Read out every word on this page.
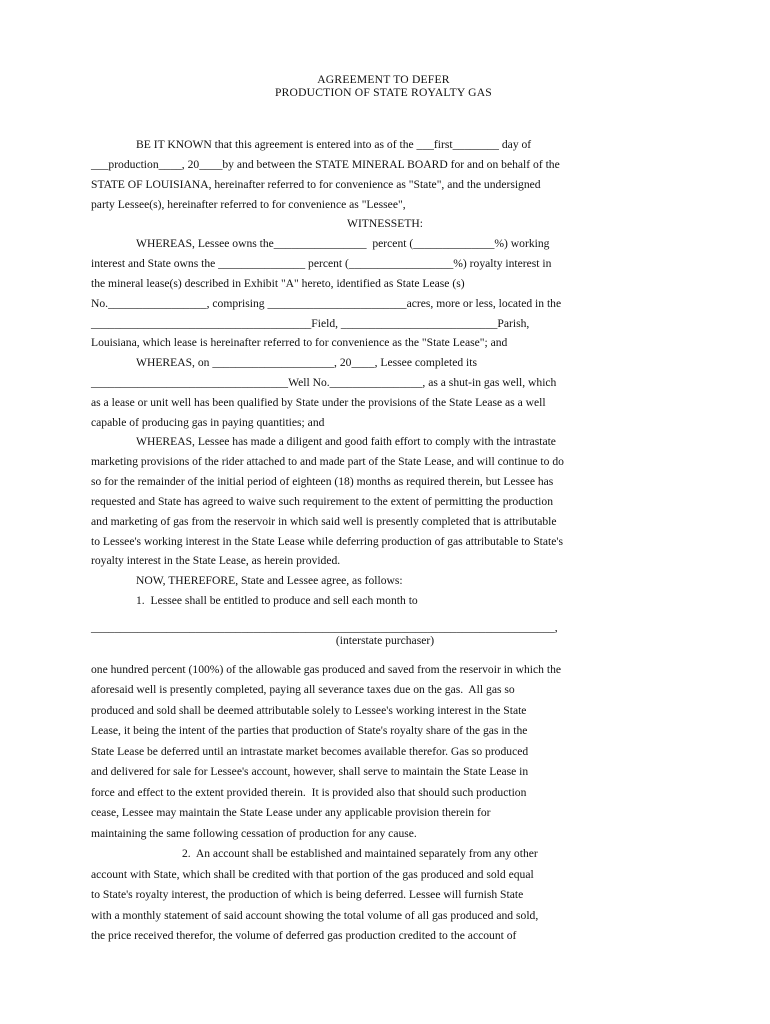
AGREEMENT TO DEFER
PRODUCTION OF STATE ROYALTY GAS
BE IT KNOWN that this agreement is entered into as of the ___first________ day of
___production____, 20____by and between the STATE MINERAL BOARD for and on behalf of the
STATE OF LOUISIANA, hereinafter referred to for convenience as "State", and the undersigned
party Lessee(s), hereinafter referred to for convenience as "Lessee",
WITNESSETH:
WHEREAS, Lessee owns the________________  percent (______________%) working
interest and State owns the _______________ percent (__________________%) royalty interest in
the mineral lease(s) described in Exhibit "A" hereto, identified as State Lease (s)
No._________________, comprising ________________________acres, more or less, located in the
______________________________________Field, ___________________________Parish,
Louisiana, which lease is hereinafter referred to for convenience as the "State Lease"; and
WHEREAS, on _____________________, 20____, Lessee completed its
__________________________________Well No.________________, as a shut-in gas well, which
as a lease or unit well has been qualified by State under the provisions of the State Lease as a well
capable of producing gas in paying quantities; and
WHEREAS, Lessee has made a diligent and good faith effort to comply with the intrastate
marketing provisions of the rider attached to and made part of the State Lease, and will continue to do
so for the remainder of the initial period of eighteen (18) months as required therein, but Lessee has
requested and State has agreed to waive such requirement to the extent of permitting the production
and marketing of gas from the reservoir in which said well is presently completed that is attributable
to Lessee's working interest in the State Lease while deferring production of gas attributable to State's
royalty interest in the State Lease, as herein provided.
NOW, THEREFORE, State and Lessee agree, as follows:
1.  Lessee shall be entitled to produce and sell each month to
________________________________________________________________________________,
(interstate purchaser)
one hundred percent (100%) of the allowable gas produced and saved from the reservoir in which the
aforesaid well is presently completed, paying all severance taxes due on the gas.  All gas so
produced and sold shall be deemed attributable solely to Lessee's working interest in the State
Lease, it being the intent of the parties that production of State's royalty share of the gas in the
State Lease be deferred until an intrastate market becomes available therefor. Gas so produced
and delivered for sale for Lessee's account, however, shall serve to maintain the State Lease in
force and effect to the extent provided therein.  It is provided also that should such production
cease, Lessee may maintain the State Lease under any applicable provision therein for
maintaining the same following cessation of production for any cause.
2.  An account shall be established and maintained separately from any other
account with State, which shall be credited with that portion of the gas produced and sold equal
to State's royalty interest, the production of which is being deferred. Lessee will furnish State
with a monthly statement of said account showing the total volume of all gas produced and sold,
the price received therefor, the volume of deferred gas production credited to the account of
